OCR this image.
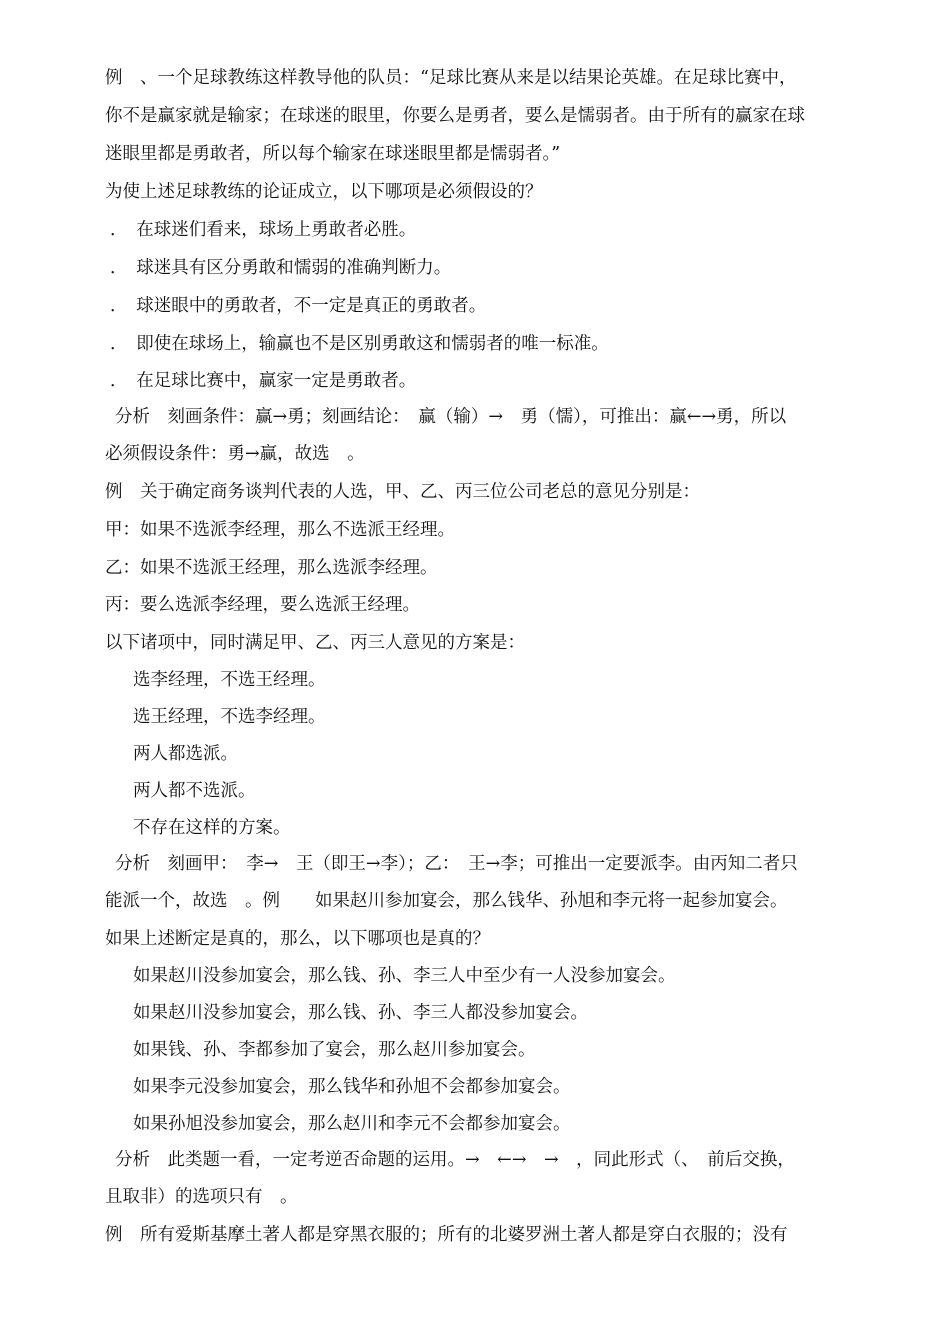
例　、一个足球教练这样教导他的队员：“足球比赛从来是以结果论英雄。在足球比赛中，
你不是赢家就是输家；在球迷的眼里，你要么是勇者，要么是懦弱者。由于所有的赢家在球
迷眼里都是勇敢者，所以每个输家在球迷眼里都是懦弱者。”
为使上述足球教练的论证成立，以下哪项是必须假设的？
．　在球迷们看来，球场上勇敢者必胜。
．　球迷具有区分勇敢和懦弱的准确判断力。
．　球迷眼中的勇敢者，不一定是真正的勇敢者。
．　即使在球场上，输赢也不是区别勇敢这和懦弱者的唯一标准。
．　在足球比赛中，赢家一定是勇敢者。
分析　刻画条件：赢→勇；刻画结论：　赢（输）→　勇（懦），可推出：赢←→勇，所以
必须假设条件：勇→赢，故选　。
例　关于确定商务谈判代表的人选，甲、乙、丙三位公司老总的意见分别是：
甲：如果不选派李经理，那么不选派王经理。
乙：如果不选派王经理，那么选派李经理。
丙：要么选派李经理，要么选派王经理。
以下诸项中，同时满足甲、乙、丙三人意见的方案是：
选李经理，不选王经理。
选王经理，不选李经理。
两人都选派。
两人都不选派。
不存在这样的方案。
分析　刻画甲：　李→　王（即王→李）；乙：　王→李；可推出一定要派李。由丙知二者只
能派一个，故选　。例　　如果赵川参加宴会，那么钱华、孙旭和李元将一起参加宴会。
如果上述断定是真的，那么，以下哪项也是真的？
如果赵川没参加宴会，那么钱、孙、李三人中至少有一人没参加宴会。
如果赵川没参加宴会，那么钱、孙、李三人都没参加宴会。
如果钱、孙、李都参加了宴会，那么赵川参加宴会。
如果李元没参加宴会，那么钱华和孙旭不会都参加宴会。
如果孙旭没参加宴会，那么赵川和李元不会都参加宴会。
分析　此类题一看，一定考逆否命题的运用。→　←→　→　，同此形式（、　前后交换，
且取非）的选项只有　。
例　所有爱斯基摩土著人都是穿黑衣服的；所有的北婆罗洲土著人都是穿白衣服的；没有
